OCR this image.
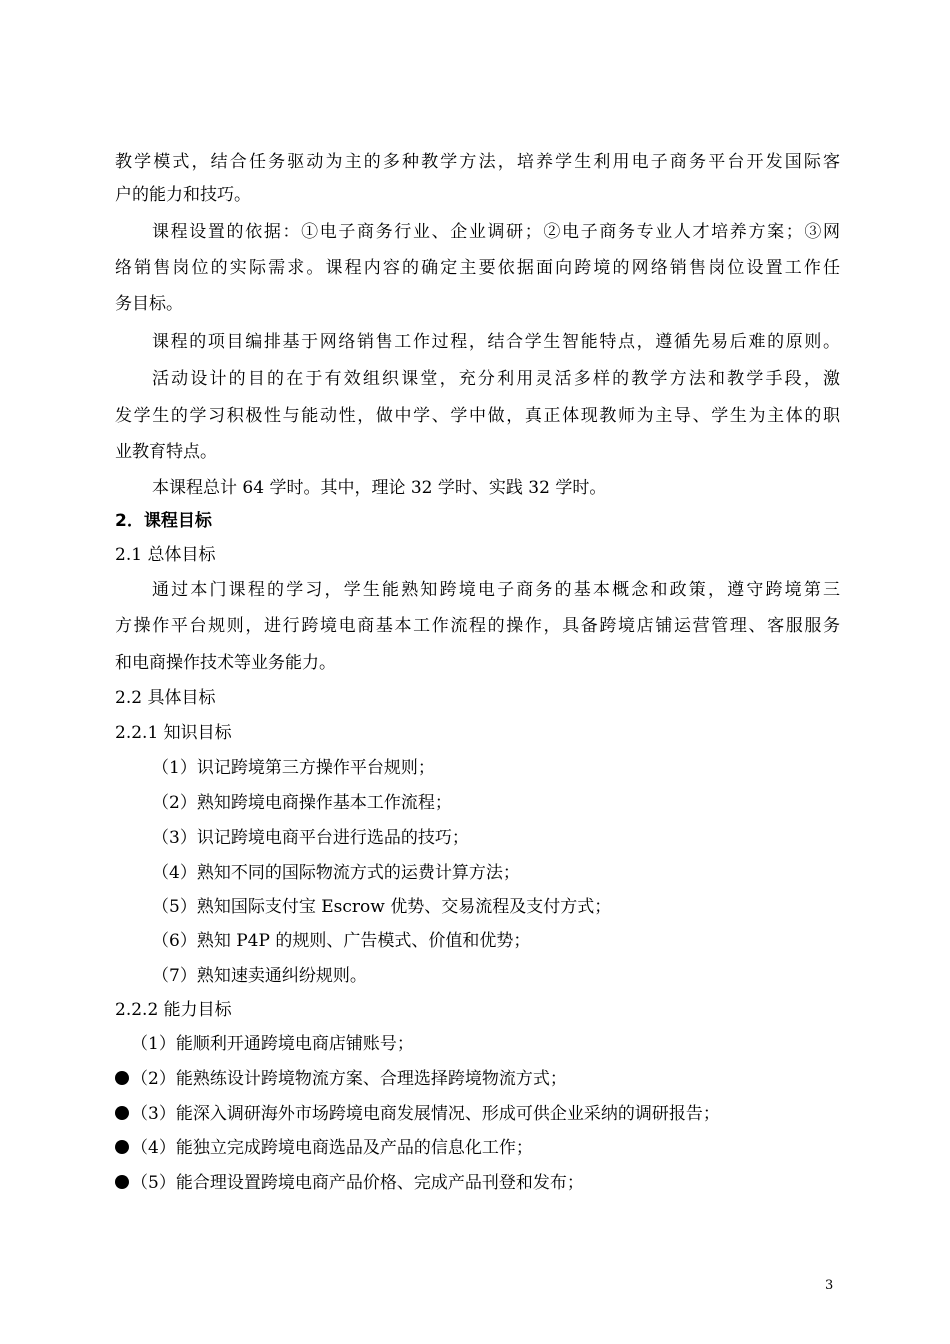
教学模式，结合任务驱动为主的多种教学方法，培养学生利用电子商务平台开发国际客
户的能力和技巧。
课程设置的依据：①电子商务行业、企业调研；②电子商务专业人才培养方案；③网
络销售岗位的实际需求。课程内容的确定主要依据面向跨境的网络销售岗位设置工作任
务目标。
课程的项目编排基于网络销售工作过程，结合学生智能特点，遵循先易后难的原则。
活动设计的目的在于有效组织课堂，充分利用灵活多样的教学方法和教学手段，激
发学生的学习积极性与能动性，做中学、学中做，真正体现教师为主导、学生为主体的职
业教育特点。
本课程总计 64 学时。其中，理论 32 学时、实践 32 学时。
2．课程目标
2.1 总体目标
通过本门课程的学习，学生能熟知跨境电子商务的基本概念和政策，遵守跨境第三
方操作平台规则，进行跨境电商基本工作流程的操作，具备跨境店铺运营管理、客服服务
和电商操作技术等业务能力。
2.2 具体目标
2.2.1 知识目标
（1）识记跨境第三方操作平台规则；
（2）熟知跨境电商操作基本工作流程；
（3）识记跨境电商平台进行选品的技巧；
（4）熟知不同的国际物流方式的运费计算方法；
（5）熟知国际支付宝 Escrow 优势、交易流程及支付方式；
（6）熟知 P4P 的规则、广告模式、价值和优势；
（7）熟知速卖通纠纷规则。
2.2.2 能力目标
（1）能顺利开通跨境电商店铺账号；
（2）能熟练设计跨境物流方案、合理选择跨境物流方式；
（3）能深入调研海外市场跨境电商发展情况、形成可供企业采纳的调研报告；
（4）能独立完成跨境电商选品及产品的信息化工作；
（5）能合理设置跨境电商产品价格、完成产品刊登和发布；
3
